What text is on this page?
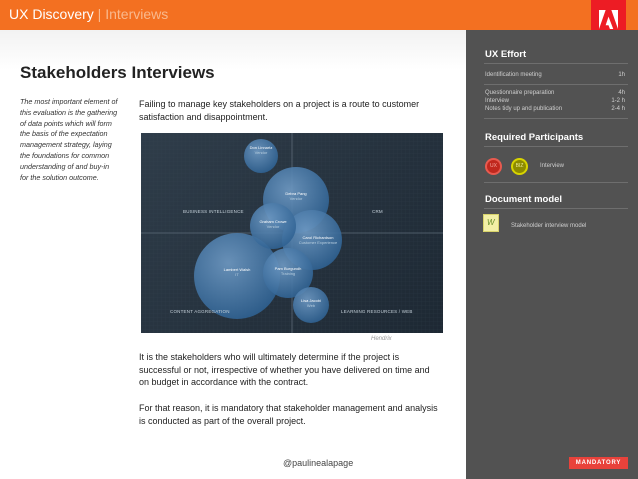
UX Discovery | Interviews
Stakeholders Interviews
The most important element of this evaluation is the gathering of data points which will form the basis of the expectation management strategy, laying the foundations for common understanding of and buy-in for the solution outcome.
Failing to manage key stakeholders on a project is a route to customer satisfaction and disappointment.
BUSINESS INTELLIGENCE	CRM
CONTENT AGGREGATION	LEARNING RESOURCES / WEB
Don Linnartz
Vendor
Debra Pang
Vendor
Graham Crowe
Vendor
Carol Richardson
Customer Experience
Lambert Walsh
IT
Pam Burgundh
Training
Lisa Jacobi
Web
Hendrix
It is the stakeholders who will ultimately determine if the project is successful or not, irrespective of whether you have delivered on time and on budget in accordance with the contract.
For that reason, it is mandatory that stakeholder management and analysis is conducted as part of the overall project.
@paulinealapage
UX Effort
Identification meeting	1h
Questionnaire preparation	4h
Interview	1-2 h
Notes tidy up and publication	2-4 h
Required Participants
UX	BIZ	Interview
Document model
W	Stakeholder interview model
MANDATORY
